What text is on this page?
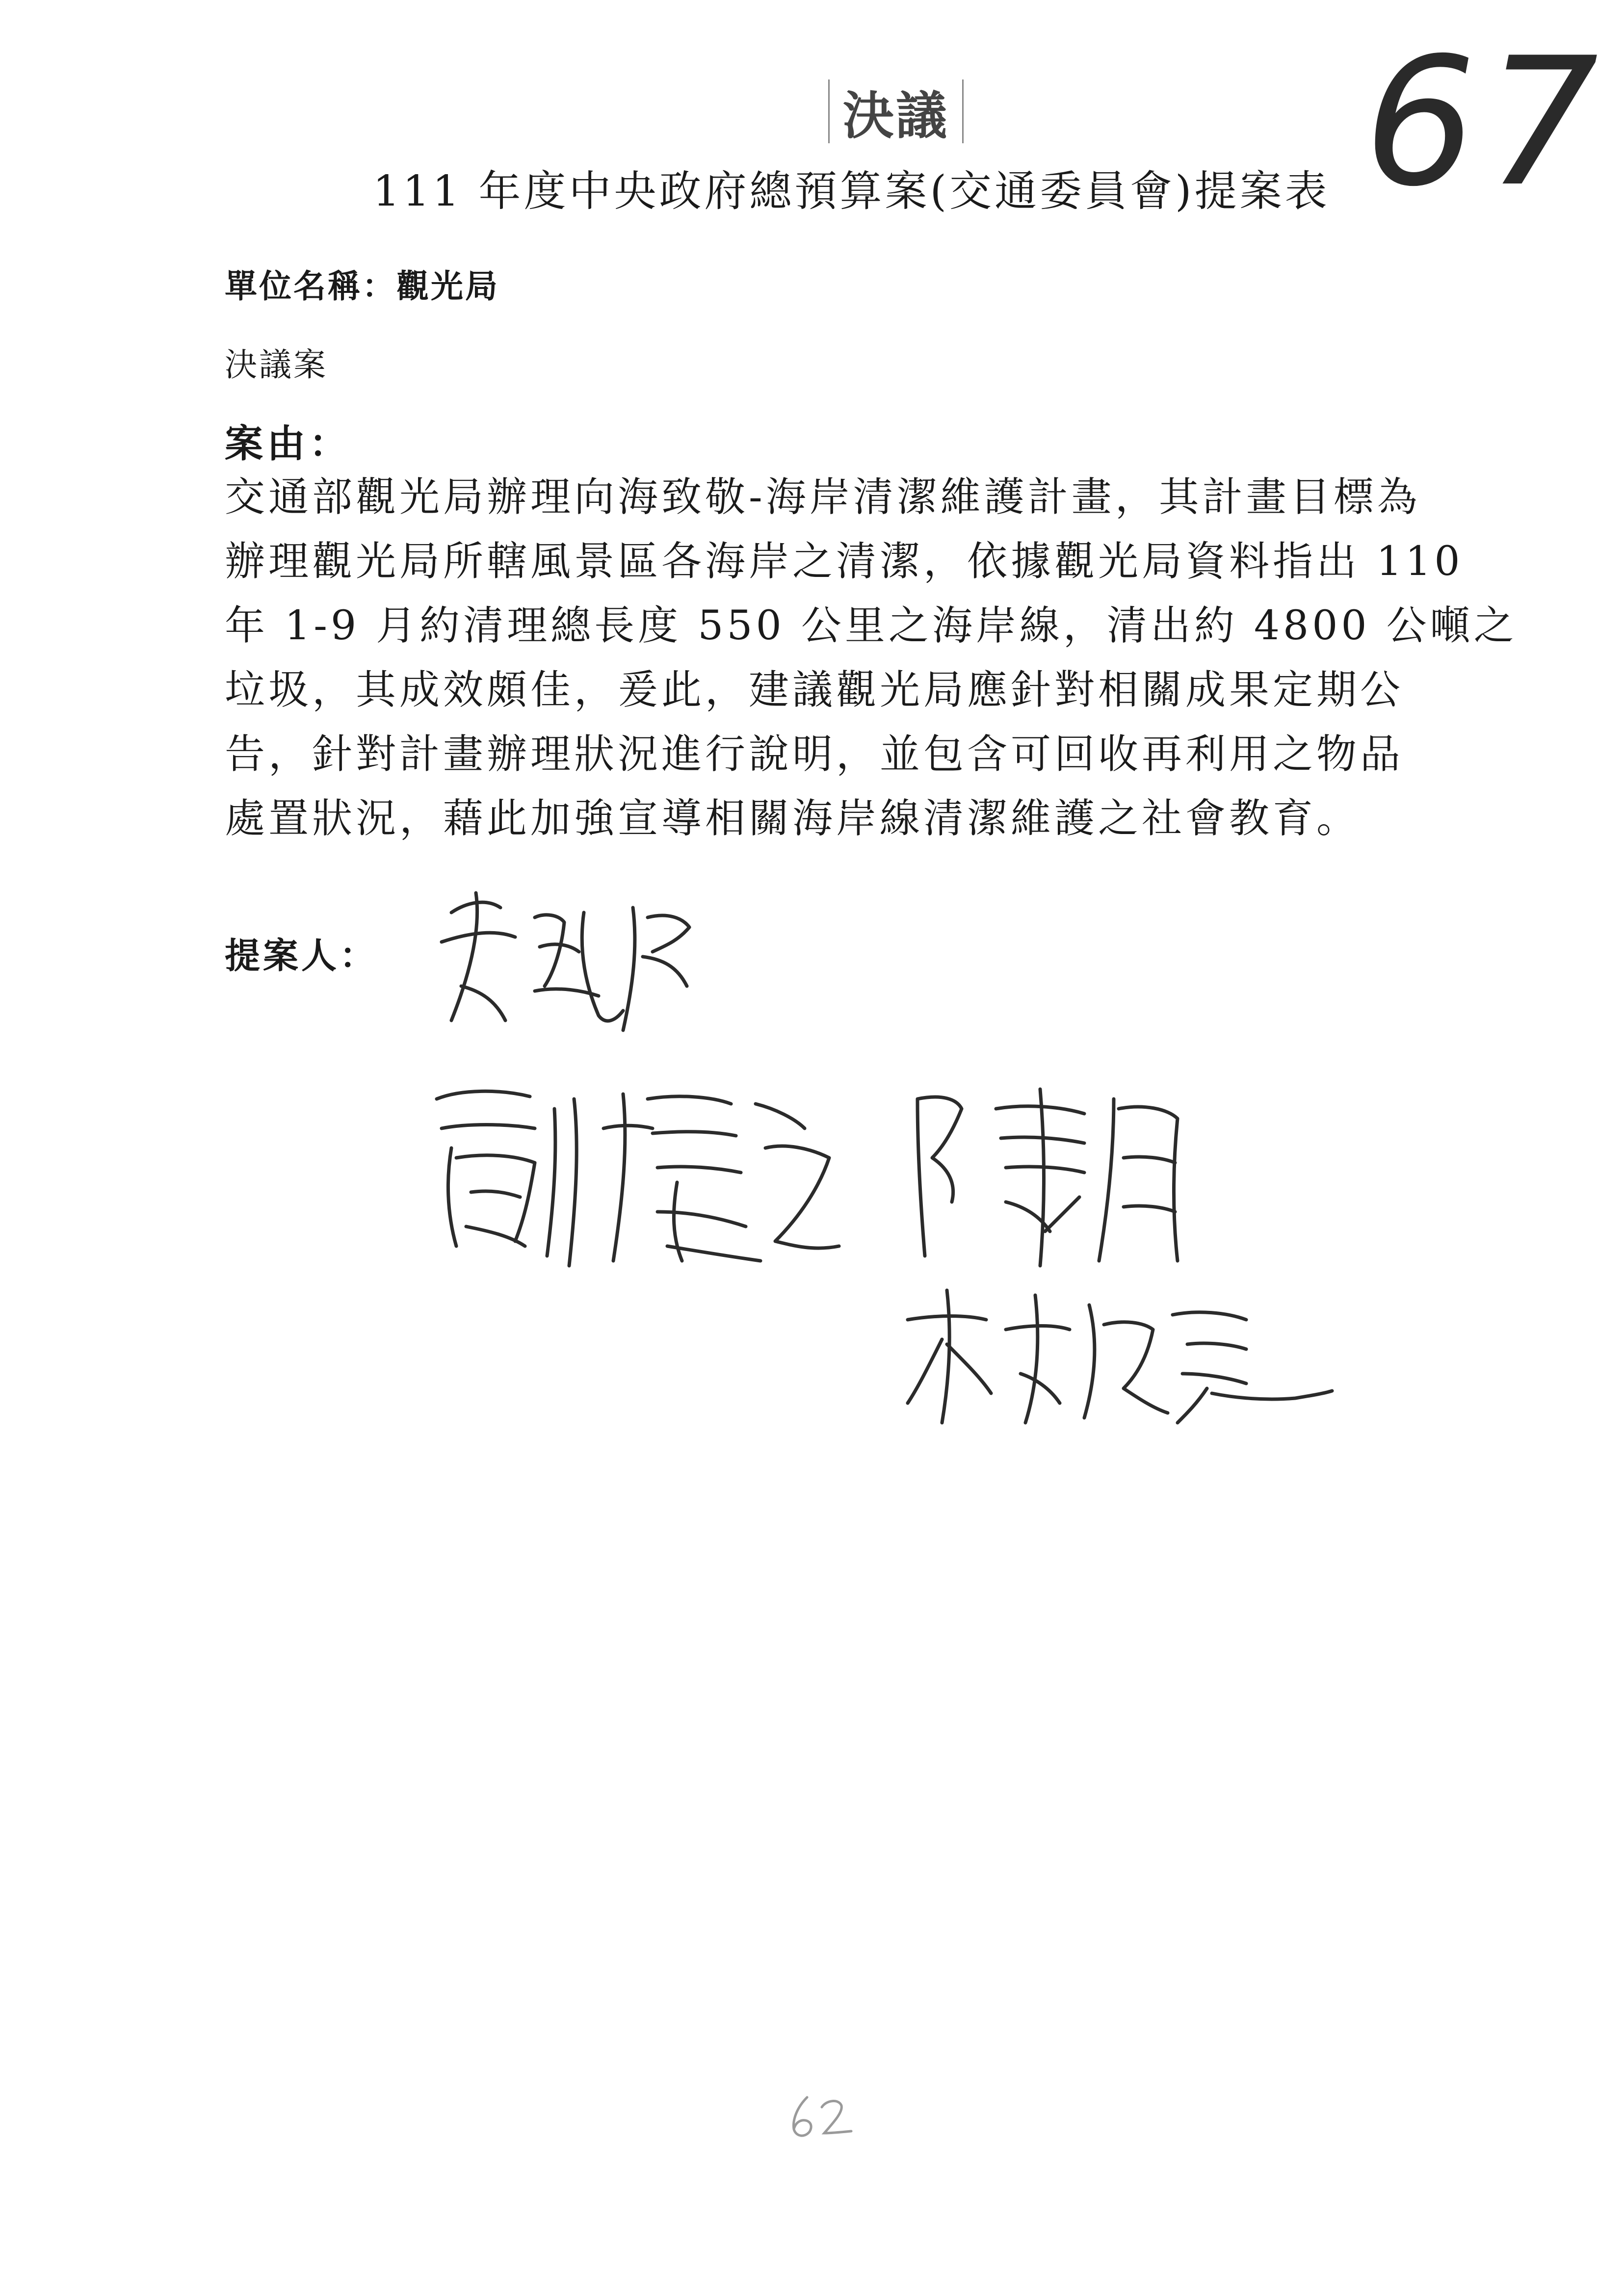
決議 67
111 年度中央政府總預算案(交通委員會)提案表
單位名稱：觀光局
決議案
案由：
交通部觀光局辦理向海致敬-海岸清潔維護計畫，其計畫目標為
辦理觀光局所轄風景區各海岸之清潔，依據觀光局資料指出 110
年 1-9 月約清理總長度 550 公里之海岸線，清出約 4800 公噸之
垃圾，其成效頗佳，爰此，建議觀光局應針對相關成果定期公
告，針對計畫辦理狀況進行說明，並包含可回收再利用之物品
處置狀況，藉此加強宣導相關海岸線清潔維護之社會教育。
提案人：
